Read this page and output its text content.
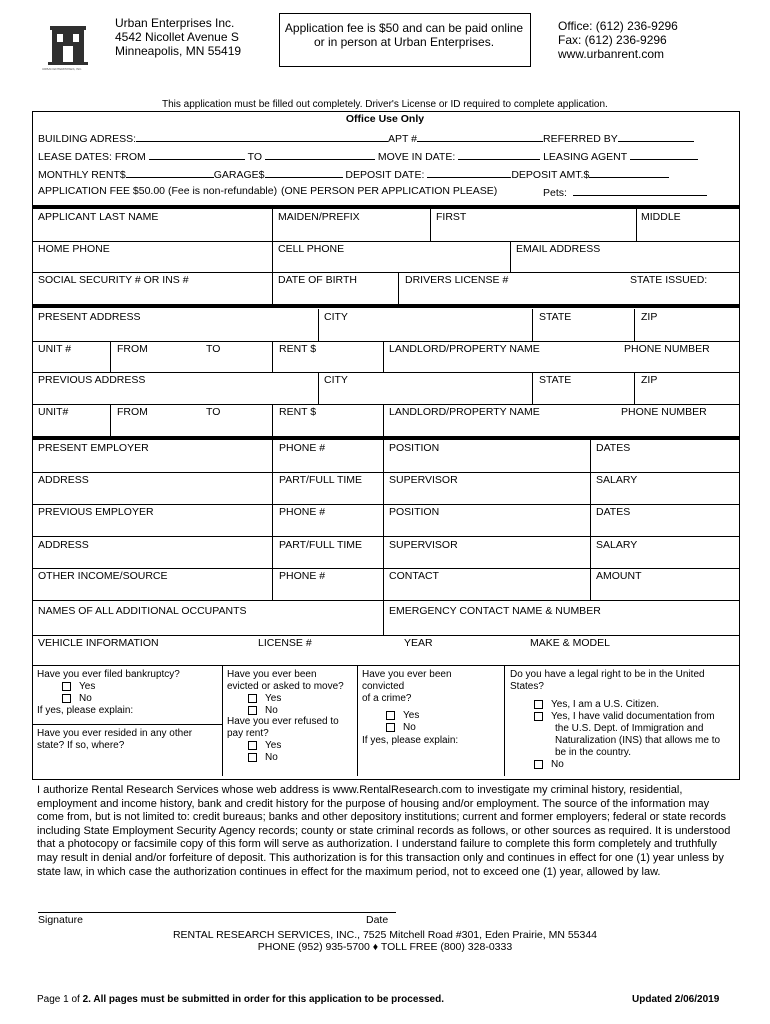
URBAN ENTERPRISES, INC.
Urban Enterprises Inc.
4542 Nicollet Avenue S
Minneapolis, MN 55419
Application fee is $50 and can be paid online
or in person at Urban Enterprises.
Office: (612) 236-9296
Fax: (612) 236-9296
www.urbanrent.com
This application must be filled out completely. Driver's License or ID required to complete application.
Office Use Only
BUILDING ADRESS:	APT #	REFERRED BY
LEASE DATES: FROM	TO	MOVE IN DATE:	LEASING AGENT
MONTHLY RENT$	GARAGE$	DEPOSIT DATE:	DEPOSIT AMT.$
APPLICATION FEE $50.00 (Fee is non-refundable) (ONE PERSON PER APPLICATION PLEASE)	Pets:
APPLICANT LAST NAME	MAIDEN/PREFIX	FIRST	MIDDLE
HOME PHONE	CELL PHONE	EMAIL ADDRESS
SOCIAL SECURITY # OR INS #	DATE OF BIRTH	DRIVERS LICENSE #	STATE ISSUED:
PRESENT ADDRESS	CITY	STATE	ZIP
UNIT #	FROM	TO	RENT $	LANDLORD/PROPERTY NAME	PHONE NUMBER
PREVIOUS ADDRESS	CITY	STATE	ZIP
UNIT#	FROM	TO	RENT $	LANDLORD/PROPERTY NAME	PHONE NUMBER
PRESENT EMPLOYER	PHONE #	POSITION	DATES
ADDRESS	PART/FULL TIME	SUPERVISOR	SALARY
PREVIOUS EMPLOYER	PHONE #	POSITION	DATES
ADDRESS	PART/FULL TIME	SUPERVISOR	SALARY
OTHER INCOME/SOURCE	PHONE #	CONTACT	AMOUNT
NAMES OF ALL ADDITIONAL OCCUPANTS	EMERGENCY CONTACT NAME & NUMBER
VEHICLE INFORMATION	LICENSE #	YEAR	MAKE & MODEL
Have you ever filed bankruptcy?
Yes
No
If yes, please explain:
Have you ever resided in any other
state? If so, where?
Have you ever been
evicted or asked to move?
Yes
No
Have you ever refused to
pay rent?
Yes
No
Have you ever been
convicted
of a crime?
Yes
No
If yes, please explain:
Do you have a legal right to be in the United
States?
Yes, I am a U.S. Citizen.
Yes, I have valid documentation from
the U.S. Dept. of Immigration and
Naturalization (INS) that allows me to
be in the country.
No
I authorize Rental Research Services whose web address is www.RentalResearch.com to investigate my criminal history, residential, employment and income history, bank and credit history for the purpose of housing and/or employment. The source of the information may come from, but is not limited to: credit bureaus; banks and other depository institutions; current and former employers; federal or state records including State Employment Security Agency records; county or state criminal records as follows, or other sources as required. It is understood that a photocopy or facsimile copy of this form will serve as authorization. I understand failure to complete this form completely and truthfully may result in denial and/or forfeiture of deposit. This authorization is for this transaction only and continues in effect for one (1) year unless by state law, in which case the authorization continues in effect for the maximum period, not to exceed one (1) year, allowed by law.
Signature	Date
RENTAL RESEARCH SERVICES, INC., 7525 Mitchell Road #301, Eden Prairie, MN 55344
PHONE (952) 935-5700 ♦ TOLL FREE (800) 328-0333
Page 1 of 2. All pages must be submitted in order for this application to be processed.	Updated 2/06/2019
